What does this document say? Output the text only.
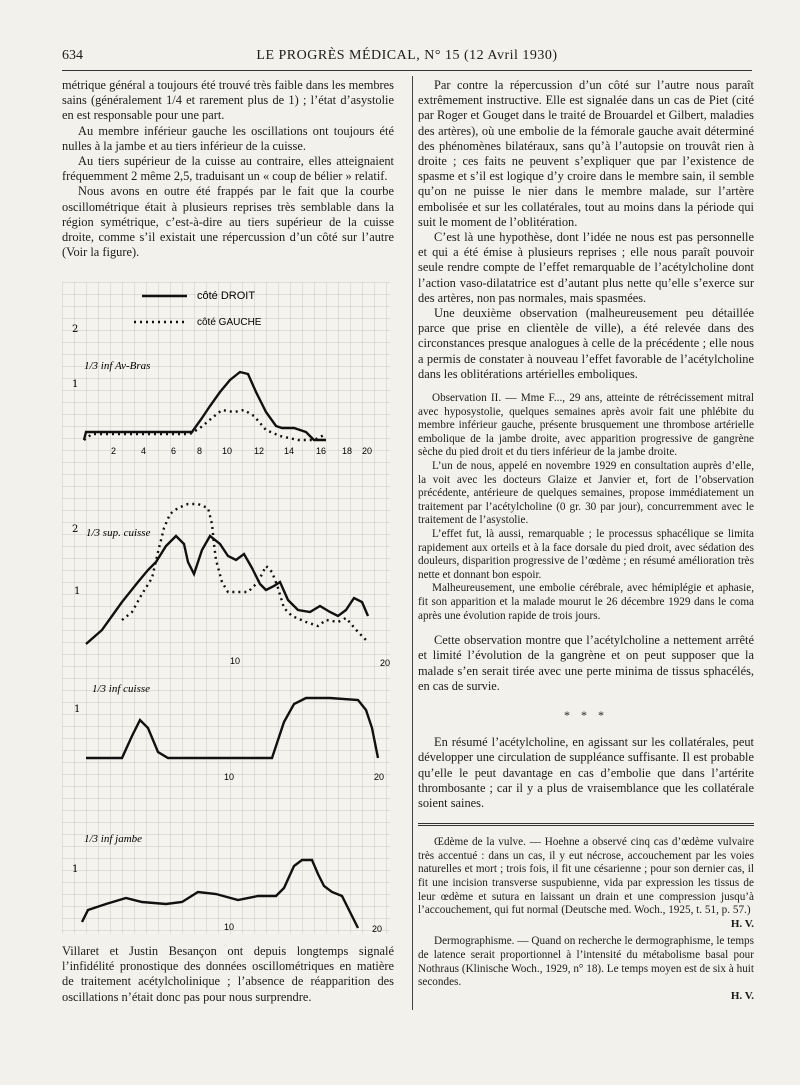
634	LE PROGRÈS MÉDICAL, N° 15 (12 Avril 1930)

métrique général a toujours été trouvé très faible dans les membres sains (généralement 1/4 et rarement plus de 1) ; l’état d’asystolie en est responsable pour une part.

Au membre inférieur gauche les oscillations ont toujours été nulles à la jambe et au tiers inférieur de la cuisse.

Au tiers supérieur de la cuisse au contraire, elles atteignaient fréquemment 2 même 2,5, traduisant un « coup de bélier » relatif.

Nous avons en outre été frappés par le fait que la courbe oscillométrique était à plusieurs reprises très semblable dans la région symétrique, c’est-à-dire au tiers supérieur de la cuisse droite, comme s’il existait une répercussion d’un côté sur l’autre (Voir la figure).

côté DROIT
côté GAUCHE
1/3 inf Av-Bras
2
1
2	4	6 8 10 12 14 16 18 20
1/3 sup. cuisse
2
1
10	20
1/3 inf cuisse
1
10	20
1/3 inf jambe
1
10	20
Villaret et Justin Besançon ont depuis longtemps signalé l’infidélité pronostique des données oscillométriques en matière de traitement acétylcholinique ; l’absence de réapparition des oscillations n’était donc pas pour nous surprendre.

Par contre la répercussion d’un côté sur l’autre nous paraît extrêmement instructive. Elle est signalée dans un cas de Piet (cité par Roger et Gouget dans le traité de Brouardel et Gilbert, maladies des artères), où une embolie de la fémorale gauche avait déterminé des phénomènes bilatéraux, sans qu’à l’autopsie on trouvât rien à droite ; ces faits ne peuvent s’expliquer que par l’existence de spasme et s’il est logique d’y croire dans le membre sain, il semble qu’on ne puisse le nier dans le membre malade, sur l’artère embolisée et sur les collatérales, tout au moins dans la période qui suit le moment de l’oblitération.

C’est là une hypothèse, dont l’idée ne nous est pas personnelle et qui a été émise à plusieurs reprises ; elle nous paraît pouvoir seule rendre compte de l’effet remarquable de l’acétylcholine dont l’action vaso-dilatatrice est d’autant plus nette qu’elle s’exerce sur des artères, non pas normales, mais spasmées.

Une deuxième observation (malheureusement peu détaillée parce que prise en clientèle de ville), a été relevée dans des circonstances presque analogues à celle de la précédente ; elle nous a permis de constater à nouveau l’effet favorable de l’acétylcholine dans les oblitérations artérielles emboliques.

Observation II. — Mme F..., 29 ans, atteinte de rétrécissement mitral avec hyposystolie, quelques semaines après avoir fait une phlébite du membre inférieur gauche, présente brusquement une thrombose artérielle embolique de la jambe droite, avec apparition progressive de gangrène sèche du pied droit et du tiers inférieur de la jambe droite.

L’un de nous, appelé en novembre 1929 en consultation auprès d’elle, la voit avec les docteurs Glaize et Janvier et, fort de l’observation précédente, antérieure de quelques semaines, propose immédiatement un traitement par l’acétylcholine (0 gr. 30 par jour), concurremment avec le traitement de l’asystolie.

L’effet fut, là aussi, remarquable ; le processus sphacélique se limita rapidement aux orteils et à la face dorsale du pied droit, avec sédation des douleurs, disparition progressive de l’œdème ; en résumé amélioration très nette et donnant bon espoir.

Malheureusement, une embolie cérébrale, avec hémiplégie et aphasie, fit son apparition et la malade mourut le 26 décembre 1929 dans le coma après une évolution rapide de trois jours.

Cette observation montre que l’acétylcholine a nettement arrêté et limité l’évolution de la gangrène et on peut supposer que la malade s’en serait tirée avec une perte minima de tissus sphacélés, en cas de survie.

* * *

En résumé l’acétylcholine, en agissant sur les collatérales, peut développer une circulation de suppléance suffisante. Il est probable qu’elle le peut davantage en cas d’embolie que dans l’artérite thrombosante ; car il y a plus de vraisemblance que les collatérale soient saines.

Œdème de la vulve. — Hoehne a observé cinq cas d’œdème vulvaire très accentué : dans un cas, il y eut nécrose, accouchement par les voies naturelles et mort ; trois fois, il fit une césarienne ; pour son dernier cas, il fit une incision transverse suspubienne, vida par expression les tissus de leur œdème et sutura en laissant un drain et une compression jusqu’à l’accouchement, qui fut normal (Deutsche med. Woch., 1925, t. 51, p. 57.)

H. V.

Dermographisme. — Quand on recherche le dermographisme, le temps de latence serait proportionnel à l’intensité du métabolisme basal pour Nothraus (Klinische Woch., 1929, n° 18). Le temps moyen est de six à huit secondes.

H. V.
